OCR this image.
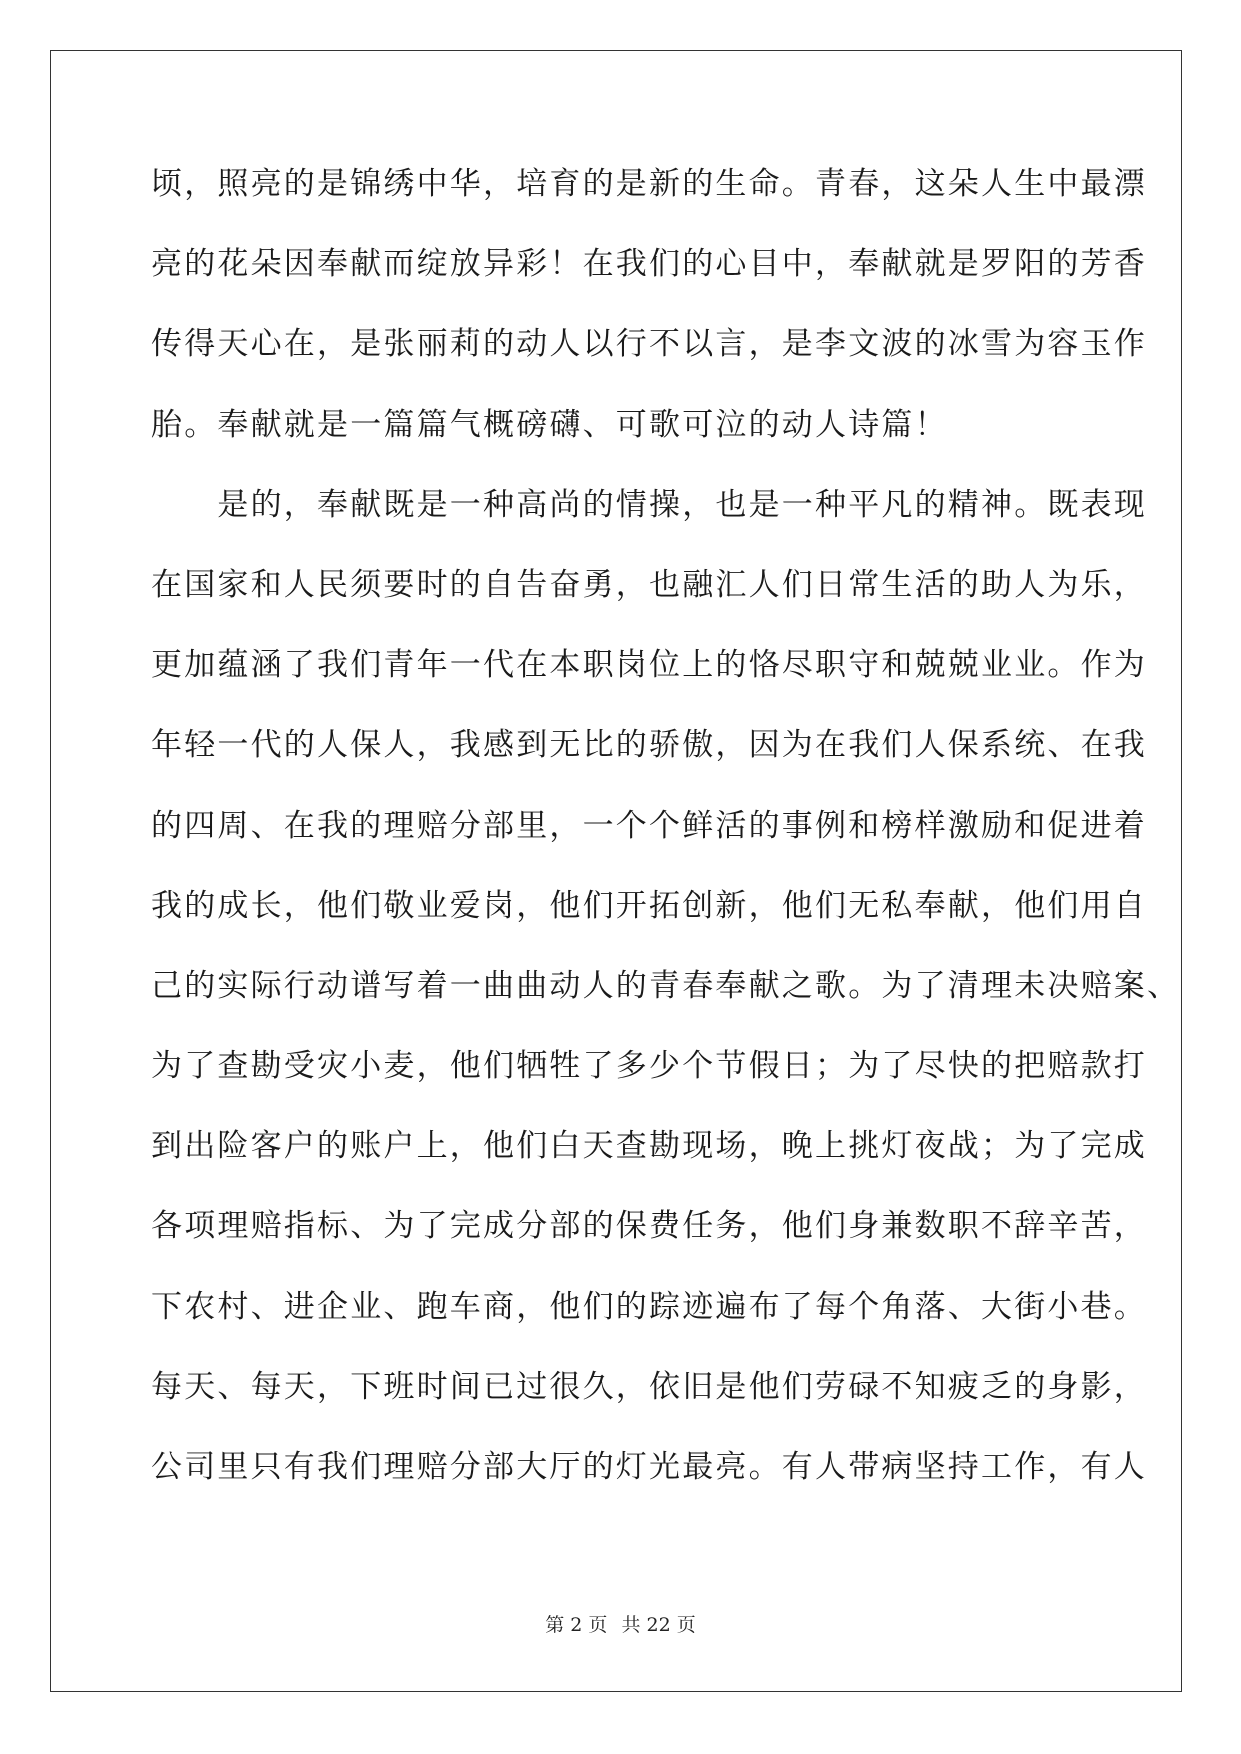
顷，照亮的是锦绣中华，培育的是新的生命。青春，这朵人生中最漂
亮的花朵因奉献而绽放异彩！在我们的心目中，奉献就是罗阳的芳香
传得天心在，是张丽莉的动人以行不以言，是李文波的冰雪为容玉作
胎。奉献就是一篇篇气概磅礴、可歌可泣的动人诗篇！
　　是的，奉献既是一种高尚的情操，也是一种平凡的精神。既表现
在国家和人民须要时的自告奋勇，也融汇人们日常生活的助人为乐，
更加蕴涵了我们青年一代在本职岗位上的恪尽职守和兢兢业业。作为
年轻一代的人保人，我感到无比的骄傲，因为在我们人保系统、在我
的四周、在我的理赔分部里，一个个鲜活的事例和榜样激励和促进着
我的成长，他们敬业爱岗，他们开拓创新，他们无私奉献，他们用自
己的实际行动谱写着一曲曲动人的青春奉献之歌。为了清理未决赔案、
为了查勘受灾小麦，他们牺牲了多少个节假日；为了尽快的把赔款打
到出险客户的账户上，他们白天查勘现场，晚上挑灯夜战；为了完成
各项理赔指标、为了完成分部的保费任务，他们身兼数职不辞辛苦，
下农村、进企业、跑车商，他们的踪迹遍布了每个角落、大街小巷。
每天、每天，下班时间已过很久，依旧是他们劳碌不知疲乏的身影，
公司里只有我们理赔分部大厅的灯光最亮。有人带病坚持工作，有人
第 2 页 共 22 页
